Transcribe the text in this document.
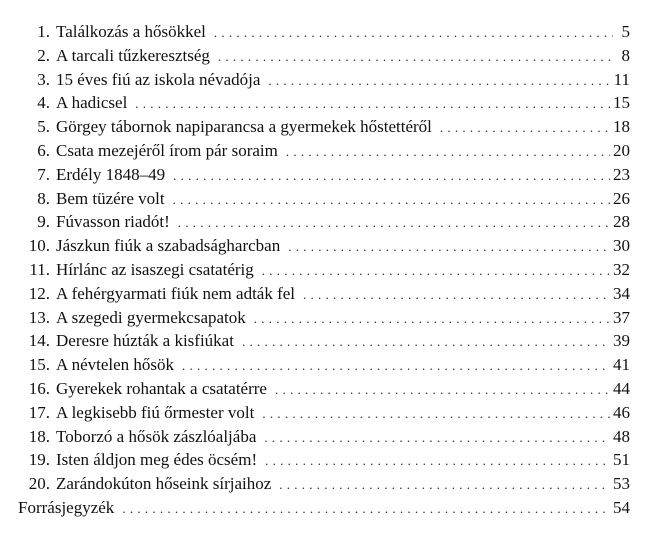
1. Találkozás a hősökkel . . .	5
2. A tarcali tűzkeresztség . . .	8
3. 15 éves fiú az iskola névadója . . .	11
4. A hadicsel . . .	15
5. Görgey tábornok napiparancsa a gyermekek hőstettéről . . .	18
6. Csata mezejéről írom pár soraim . . .	20
7. Erdély 1848–49 . . .	23
8. Bem tüzére volt . . .	26
9. Fúvasson riadót! . . .	28
10. Jászkun fiúk a szabadságharcban . . .	30
11. Hírlánc az isaszegi csatatérig . . .	32
12. A fehérgyarmati fiúk nem adták fel . . .	34
13. A szegedi gyermekcsapatok . . .	37
14. Deresre húzták a kisfiúkat . . .	39
15. A névtelen hősök . . .	41
16. Gyerekek rohantak a csatatérre . . .	44
17. A legkisebb fiú őrmester volt . . .	46
18. Toborzó a hősök zászlóaljába . . .	48
19. Isten áldjon meg édes öcsém! . . .	51
20. Zarándokúton hőseink sírjaihoz . . .	53
Forrásjegyzék . . .	54
